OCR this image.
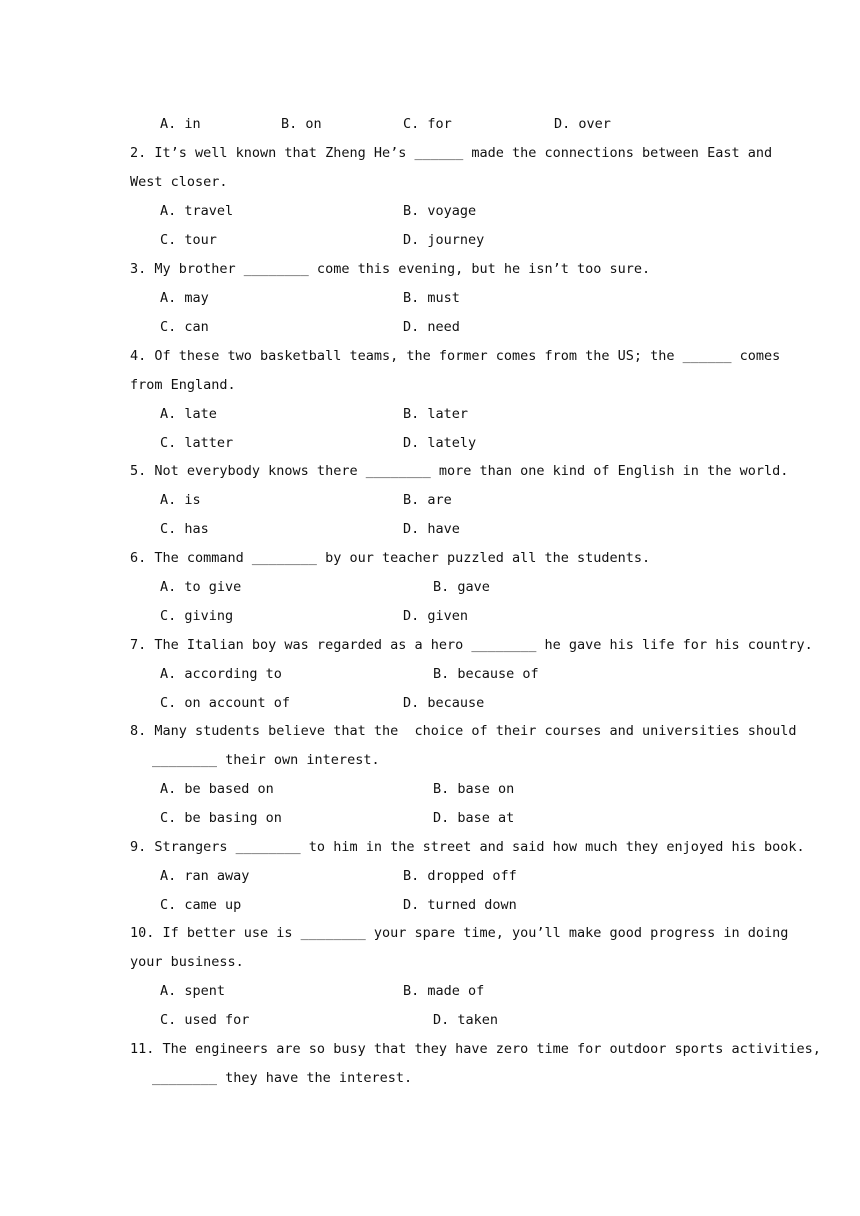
A. in	B. on	C. for	D. over
2. It’s well known that Zheng He’s ______ made the connections between East and
West closer.
A. travel	B. voyage
C. tour	D. journey
3. My brother ________ come this evening, but he isn’t too sure.
A. may	B. must
C. can	D. need
4. Of these two basketball teams, the former comes from the US; the ______ comes
from England.
A. late	B. later
C. latter	D. lately
5. Not everybody knows there ________ more than one kind of English in the world.
A. is	B. are
C. has	D. have
6. The command ________ by our teacher puzzled all the students.
A. to give	B. gave
C. giving	D. given
7. The Italian boy was regarded as a hero ________ he gave his life for his country.
A. according to	B. because of
C. on account of	D. because
8. Many students believe that the  choice of their courses and universities should
________ their own interest.
A. be based on	B. base on
C. be basing on	D. base at
9. Strangers ________ to him in the street and said how much they enjoyed his book.
A. ran away	B. dropped off
C. came up	D. turned down
10. If better use is ________ your spare time, you’ll make good progress in doing
your business.
A. spent	B. made of
C. used for	D. taken
11. The engineers are so busy that they have zero time for outdoor sports activities,
________ they have the interest.
